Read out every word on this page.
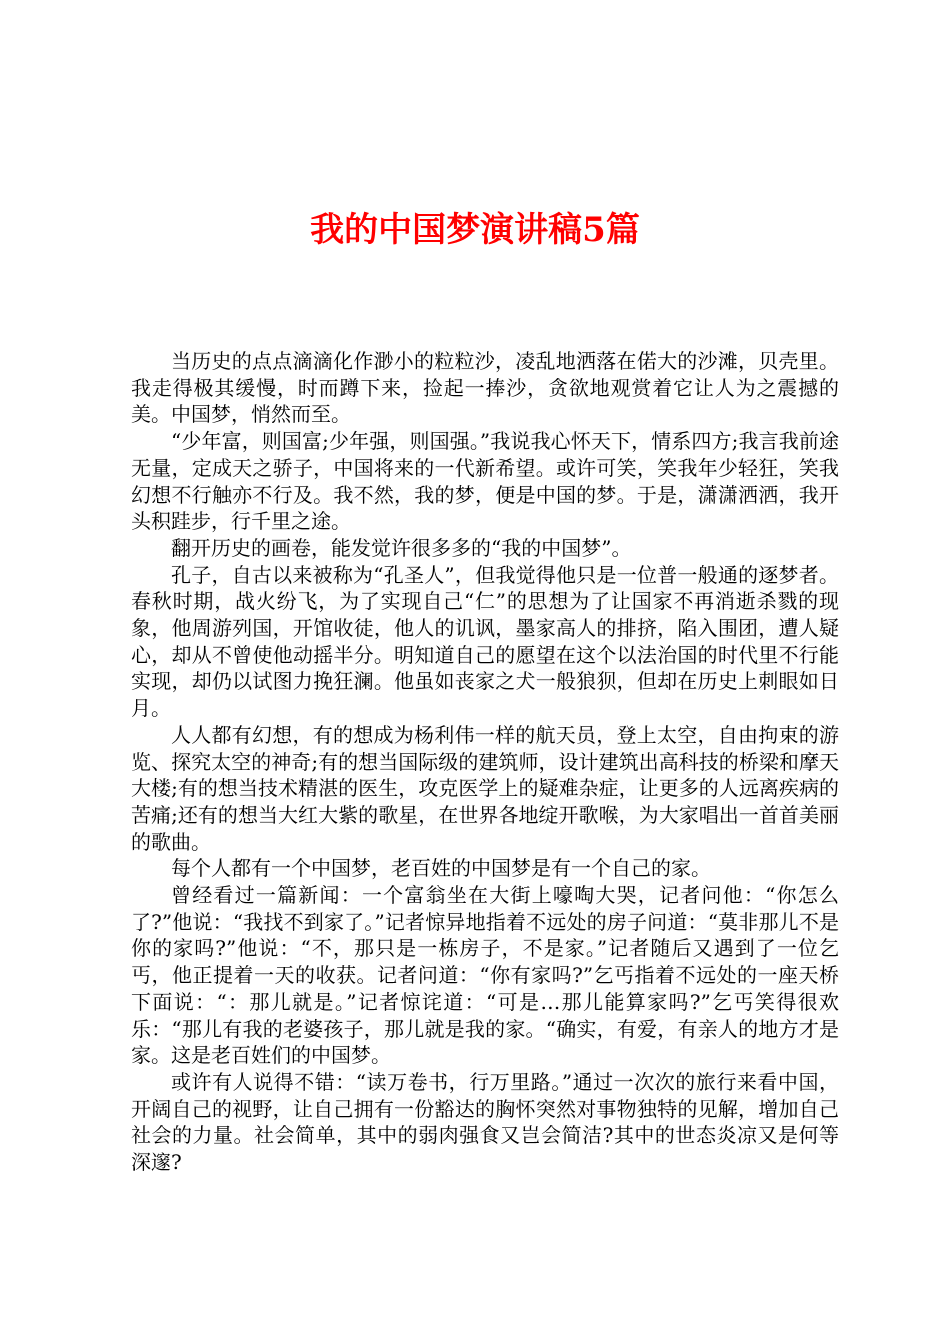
我的中国梦演讲稿5篇

当历史的点点滴滴化作渺小的粒粒沙，凌乱地洒落在偌大的沙滩，贝壳里。我走得极其缓慢，时而蹲下来，捡起一捧沙，贪欲地观赏着它让人为之震撼的美。中国梦，悄然而至。

“少年富，则国富;少年强，则国强。”我说我心怀天下，情系四方;我言我前途无量，定成天之骄子，中国将来的一代新希望。或许可笑，笑我年少轻狂，笑我幻想不行触亦不行及。我不然，我的梦，便是中国的梦。于是，潇潇洒洒，我开头积跬步，行千里之途。

翻开历史的画卷，能发觉许很多多的“我的中国梦”。

孔子，自古以来被称为“孔圣人”，但我觉得他只是一位普一般通的逐梦者。春秋时期，战火纷飞，为了实现自己“仁”的思想为了让国家不再消逝杀戮的现象，他周游列国，开馆收徒，他人的讥讽，墨家高人的排挤，陷入围团，遭人疑心，却从不曾使他动摇半分。明知道自己的愿望在这个以法治国的时代里不行能实现，却仍以试图力挽狂澜。他虽如丧家之犬一般狼狈，但却在历史上刺眼如日月。

人人都有幻想，有的想成为杨利伟一样的航天员，登上太空，自由拘束的游览、探究太空的神奇;有的想当国际级的建筑师，设计建筑出高科技的桥梁和摩天大楼;有的想当技术精湛的医生，攻克医学上的疑难杂症，让更多的人远离疾病的苦痛;还有的想当大红大紫的歌星，在世界各地绽开歌喉，为大家唱出一首首美丽的歌曲。

每个人都有一个中国梦，老百姓的中国梦是有一个自己的家。

曾经看过一篇新闻：一个富翁坐在大街上嚎啕大哭，记者问他：“你怎么了?”他说：“我找不到家了。”记者惊异地指着不远处的房子问道：“莫非那儿不是你的家吗?”他说：“不，那只是一栋房子，不是家。”记者随后又遇到了一位乞丐，他正提着一天的收获。记者问道：“你有家吗?”乞丐指着不远处的一座天桥下面说：“：那儿就是。”记者惊诧道：“可是…那儿能算家吗?”乞丐笑得很欢乐：“那儿有我的老婆孩子，那儿就是我的家。“确实，有爱，有亲人的地方才是家。这是老百姓们的中国梦。

或许有人说得不错：“读万卷书，行万里路。”通过一次次的旅行来看中国，开阔自己的视野，让自己拥有一份豁达的胸怀突然对事物独特的见解，增加自己社会的力量。社会简单，其中的弱肉强食又岂会简洁?其中的世态炎凉又是何等深邃?
